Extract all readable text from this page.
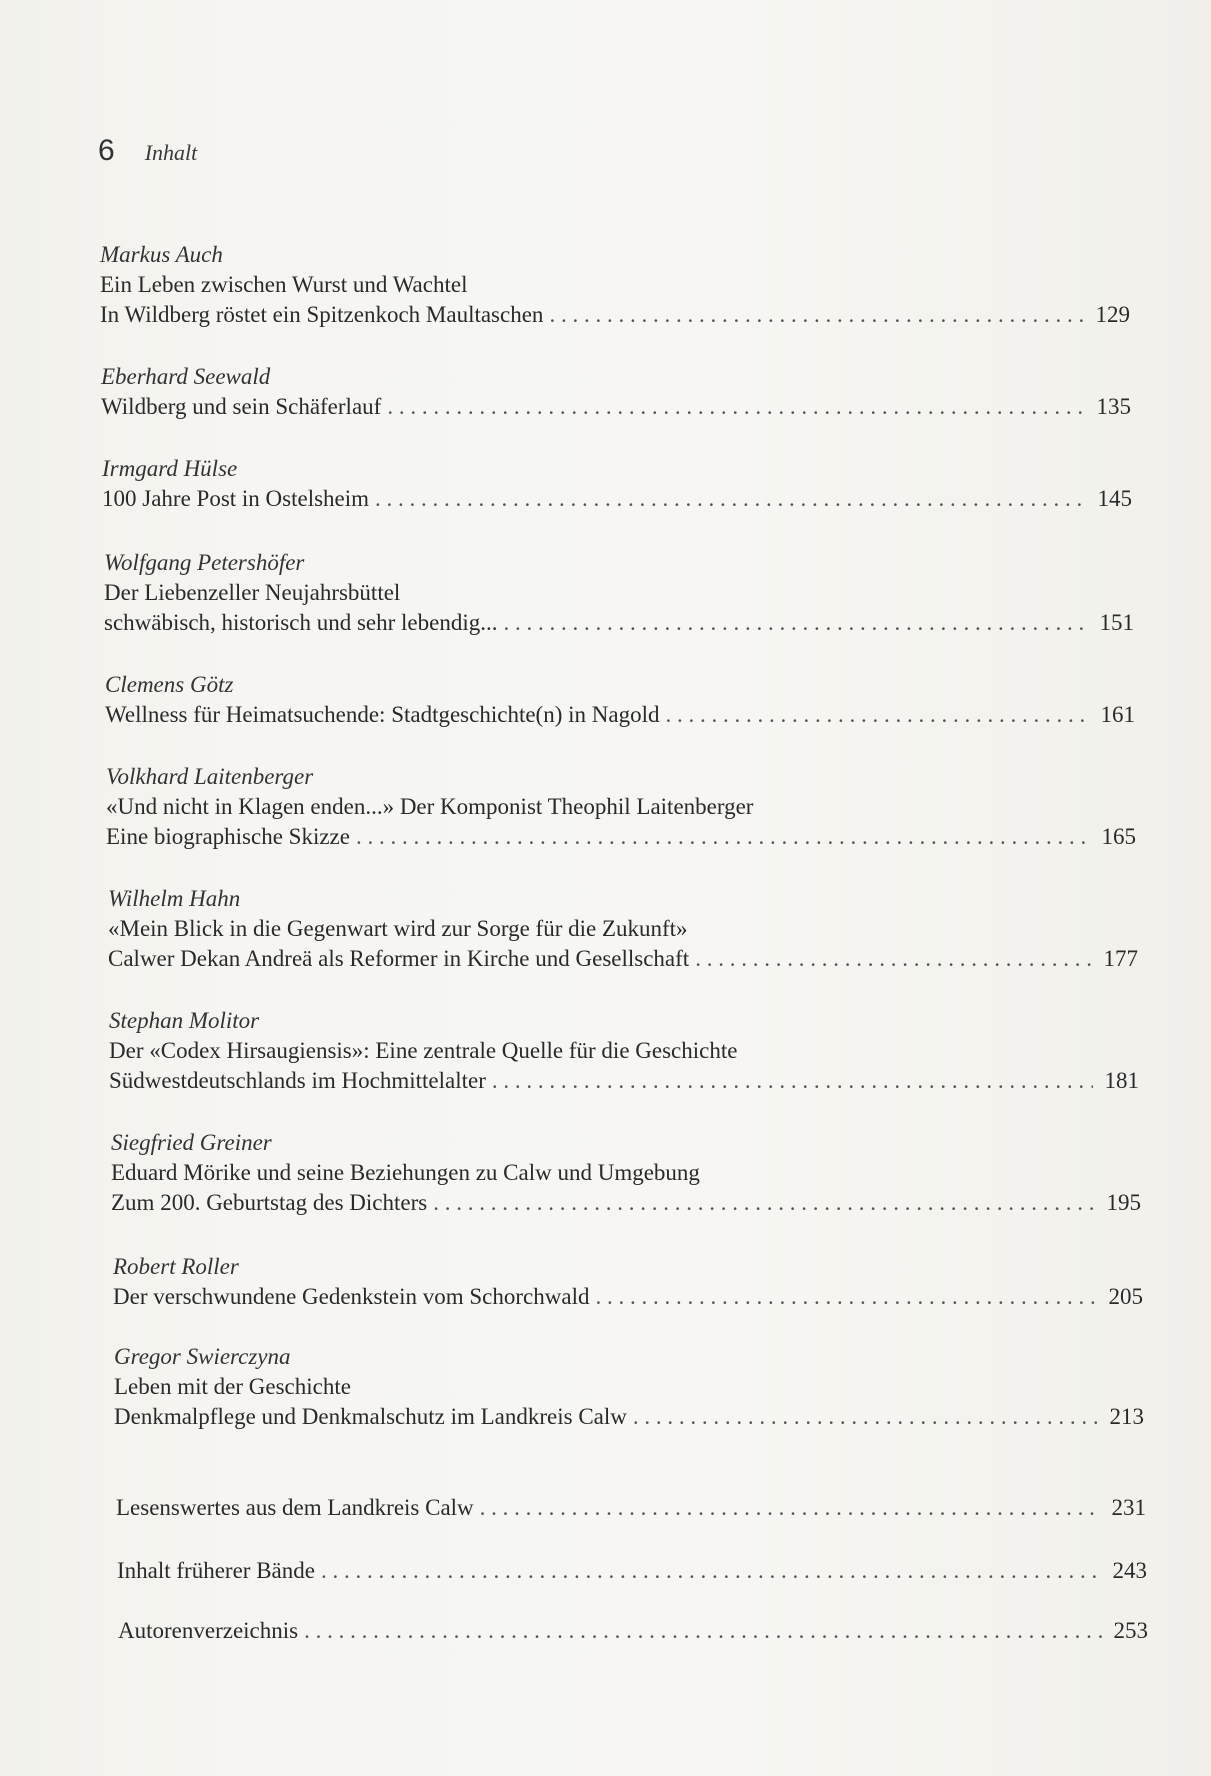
6 Inhalt
Markus Auch
Ein Leben zwischen Wurst und Wachtel
In Wildberg röstet ein Spitzenkoch Maultaschen . . .	129
Eberhard Seewald
Wildberg und sein Schäferlauf . . .	135
Irmgard Hülse
100 Jahre Post in Ostelsheim . . .	145
Wolfgang Petershöfer
Der Liebenzeller Neujahrsbüttel
schwäbisch, historisch und sehr lebendig... . . .	151
Clemens Götz
Wellness für Heimatsuchende: Stadtgeschichte(n) in Nagold . . .	161
Volkhard Laitenberger
«Und nicht in Klagen enden...» Der Komponist Theophil Laitenberger
Eine biographische Skizze . . .	165
Wilhelm Hahn
«Mein Blick in die Gegenwart wird zur Sorge für die Zukunft»
Calwer Dekan Andreä als Reformer in Kirche und Gesellschaft . . .	177
Stephan Molitor
Der «Codex Hirsaugiensis»: Eine zentrale Quelle für die Geschichte
Südwestdeutschlands im Hochmittelalter . . .	181
Siegfried Greiner
Eduard Mörike und seine Beziehungen zu Calw und Umgebung
Zum 200. Geburtstag des Dichters . . .	195
Robert Roller
Der verschwundene Gedenkstein vom Schorchwald . . .	205
Gregor Swierczyna
Leben mit der Geschichte
Denkmalpflege und Denkmalschutz im Landkreis Calw . . .	213
Lesenswertes aus dem Landkreis Calw . . .	231
Inhalt früherer Bände . . .	243
Autorenverzeichnis . . .	253
